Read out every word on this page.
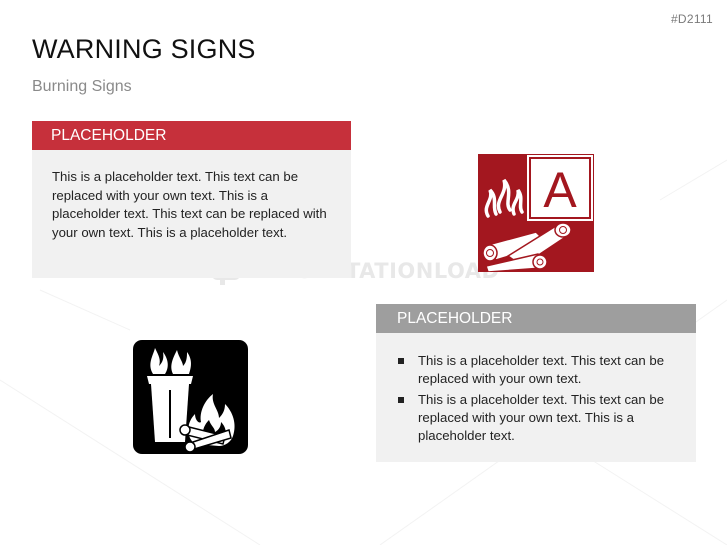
#D2111
WARNING SIGNS
Burning Signs
PRESENTATIONLOAD
PLACEHOLDER
This is a placeholder text. This text can be replaced with your own text. This is a placeholder text. This text can be replaced with your own text. This is a placeholder text.
A
PLACEHOLDER
This is a placeholder text. This text can be replaced with your own text.
This is a placeholder text. This text can be replaced with your own text. This is a placeholder text.
